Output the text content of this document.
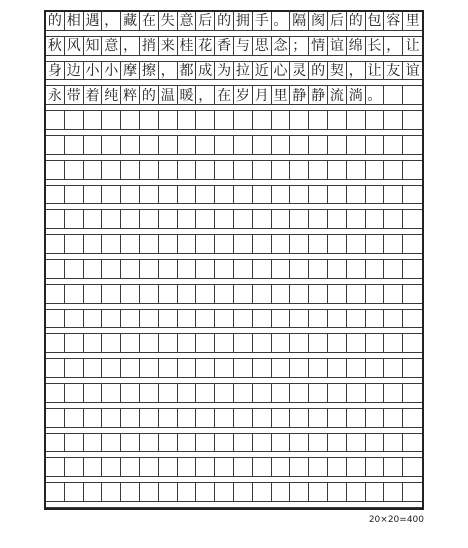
的 相 遇 ， 藏 在 失 意 后 的 拥 手 。 隔 阂 后 的 包 容 里
秋 风 知 意 ， 捎 来 桂 花 香 与 思 念 ； 情 谊 绵 长 ， 让
身 边 小 小 摩 擦 ， 都 成 为 拉 近 心 灵 的 契 ， 让 友 谊
永 带 着 纯 粹 的 温 暖 ， 在 岁 月 里 静 静 流 淌 。
20×20=400
